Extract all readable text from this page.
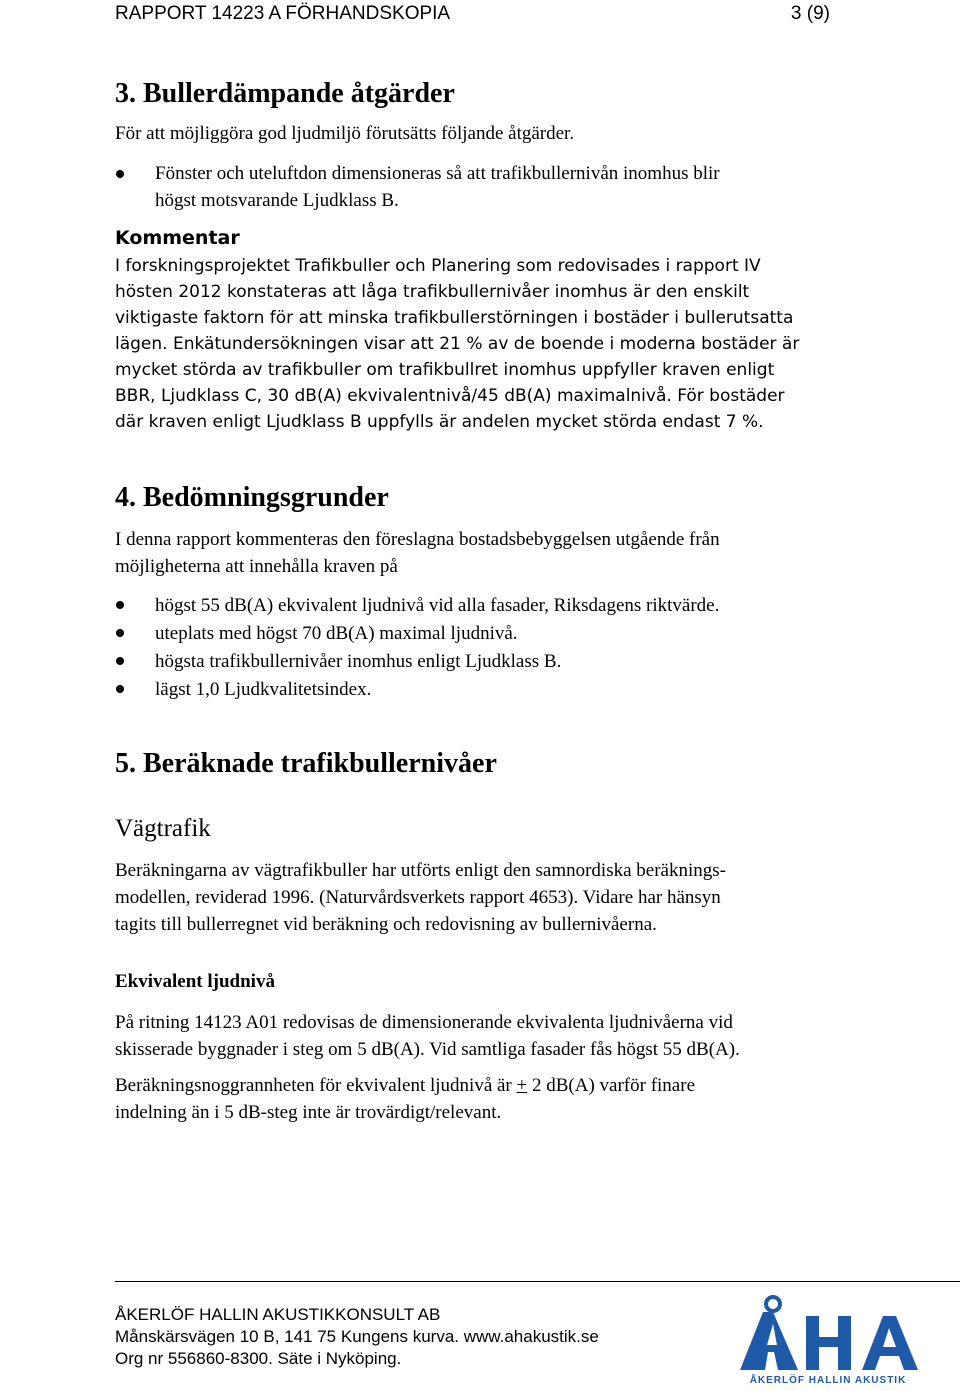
RAPPORT 14223 A FÖRHANDSKOPIA	3 (9)
3. Bullerdämpande åtgärder
För att möjliggöra god ljudmiljö förutsätts följande åtgärder.
Fönster och uteluftdon dimensioneras så att trafikbullernivån inomhus blir
högst motsvarande Ljudklass B.
Kommentar
I forskningsprojektet Trafikbuller och Planering som redovisades i rapport IV
hösten 2012 konstateras att låga trafikbullernivåer inomhus är den enskilt
viktigaste faktorn för att minska trafikbullerstörningen i bostäder i bullerutsatta
lägen. Enkätundersökningen visar att 21 % av de boende i moderna bostäder är
mycket störda av trafikbuller om trafikbullret inomhus uppfyller kraven enligt
BBR, Ljudklass C, 30 dB(A) ekvivalentnivå/45 dB(A) maximalnivå. För bostäder
där kraven enligt Ljudklass B uppfylls är andelen mycket störda endast 7 %.
4. Bedömningsgrunder
I denna rapport kommenteras den föreslagna bostadsbebyggelsen utgående från
möjligheterna att innehålla kraven på
högst 55 dB(A) ekvivalent ljudnivå vid alla fasader, Riksdagens riktvärde.
uteplats med högst 70 dB(A) maximal ljudnivå.
högsta trafikbullernivåer inomhus enligt Ljudklass B.
lägst 1,0 Ljudkvalitetsindex.
5. Beräknade trafikbullernivåer
Vägtrafik
Beräkningarna av vägtrafikbuller har utförts enligt den samnordiska beräknings-
modellen, reviderad 1996. (Naturvårdsverkets rapport 4653). Vidare har hänsyn
tagits till bullerregnet vid beräkning och redovisning av bullernivåerna.
Ekvivalent ljudnivå
På ritning 14123 A01 redovisas de dimensionerande ekvivalenta ljudnivåerna vid
skisserade byggnader i steg om 5 dB(A). Vid samtliga fasader fås högst 55 dB(A).
Beräkningsnoggrannheten för ekvivalent ljudnivå är + 2 dB(A) varför finare
indelning än i 5 dB-steg inte är trovärdigt/relevant.
ÅKERLÖF HALLIN AKUSTIKKONSULT AB
Månskärsvägen 10 B, 141 75 Kungens kurva. www.ahakustik.se
Org nr 556860-8300. Säte i Nyköping.
ÅKERLÖF HALLIN AKUSTIK
